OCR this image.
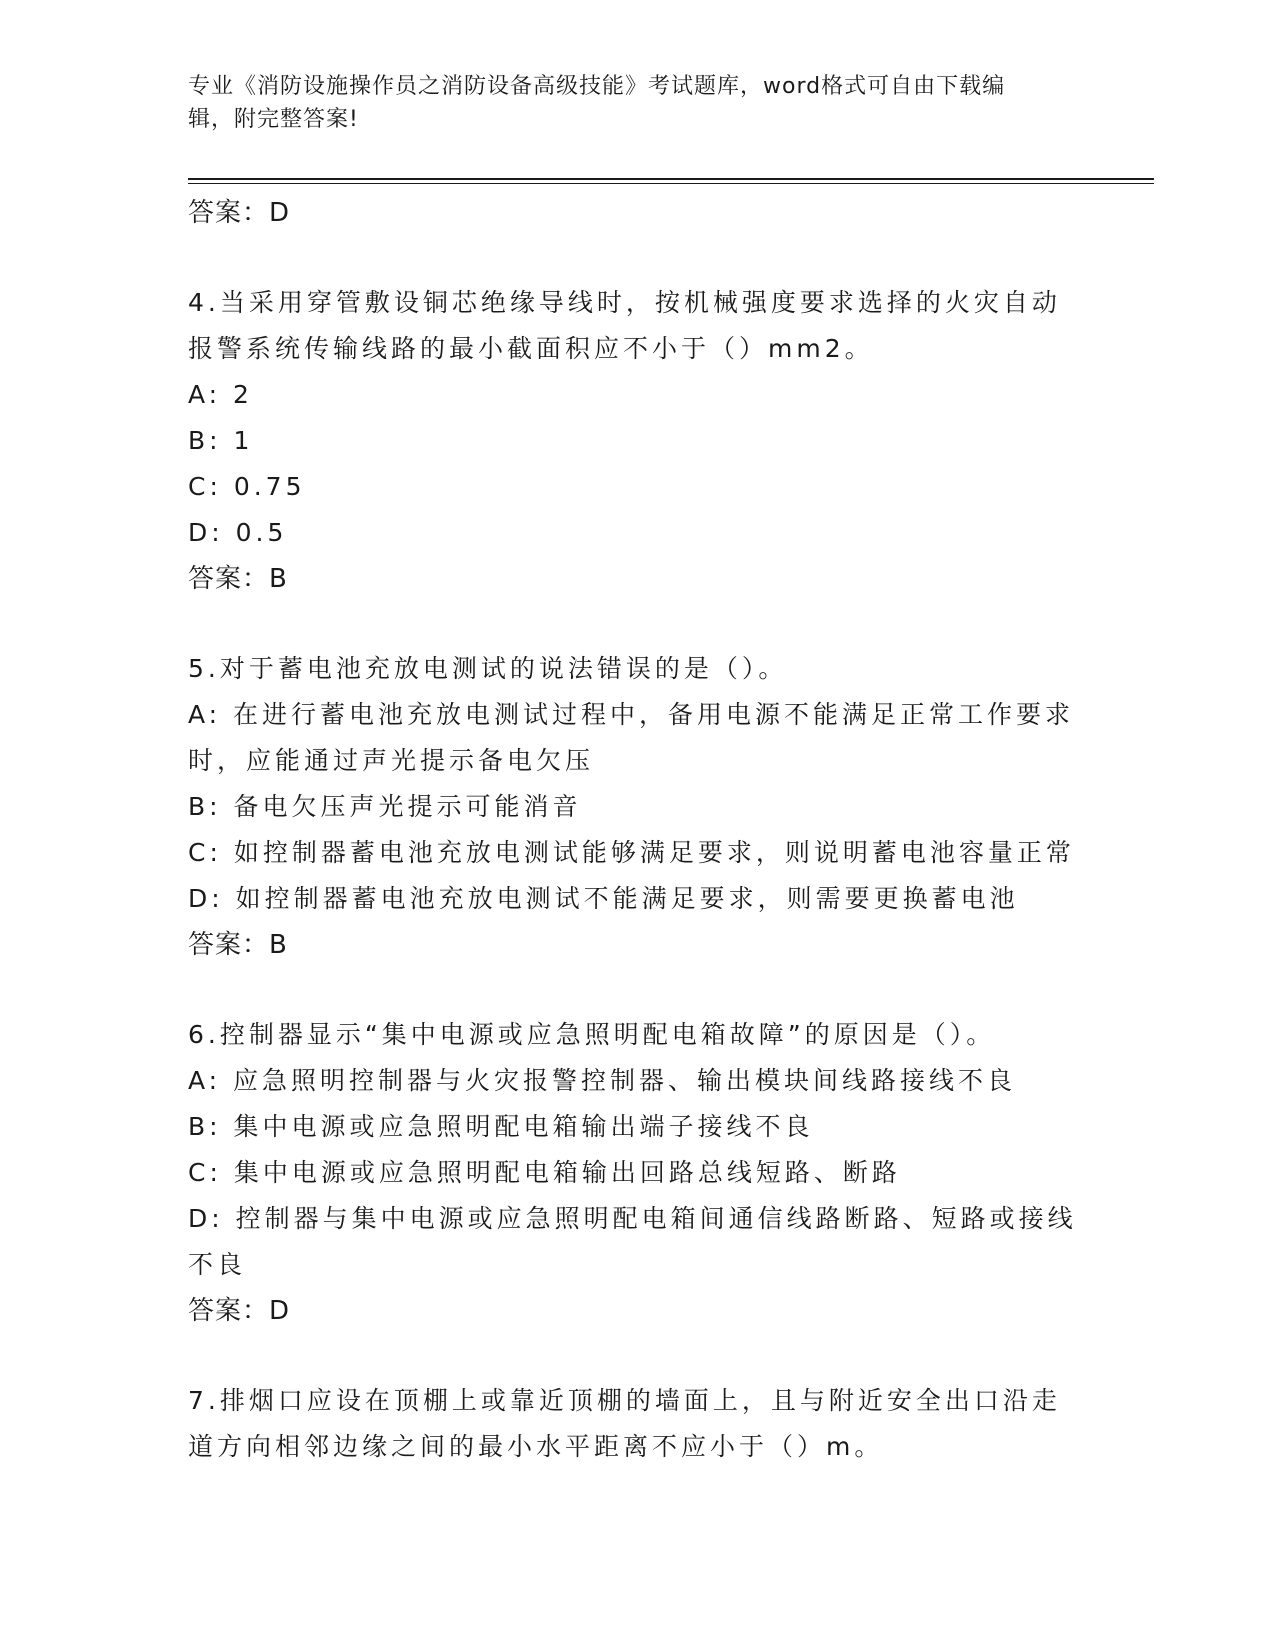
专业《消防设施操作员之消防设备高级技能》考试题库，word格式可自由下载编
辑，附完整答案!
答案：D
4.当采用穿管敷设铜芯绝缘导线时，按机械强度要求选择的火灾自动
报警系统传输线路的最小截面积应不小于（）mm2。
A: 2
B: 1
C: 0.75
D: 0.5
答案：B
5.对于蓄电池充放电测试的说法错误的是（）。
A: 在进行蓄电池充放电测试过程中，备用电源不能满足正常工作要求
时，应能通过声光提示备电欠压
B: 备电欠压声光提示可能消音
C: 如控制器蓄电池充放电测试能够满足要求，则说明蓄电池容量正常
D: 如控制器蓄电池充放电测试不能满足要求，则需要更换蓄电池
答案：B
6.控制器显示“集中电源或应急照明配电箱故障”的原因是（）。
A: 应急照明控制器与火灾报警控制器、输出模块间线路接线不良
B: 集中电源或应急照明配电箱输出端子接线不良
C: 集中电源或应急照明配电箱输出回路总线短路、断路
D: 控制器与集中电源或应急照明配电箱间通信线路断路、短路或接线
不良
答案：D
7.排烟口应设在顶棚上或靠近顶棚的墙面上，且与附近安全出口沿走
道方向相邻边缘之间的最小水平距离不应小于（）m。
